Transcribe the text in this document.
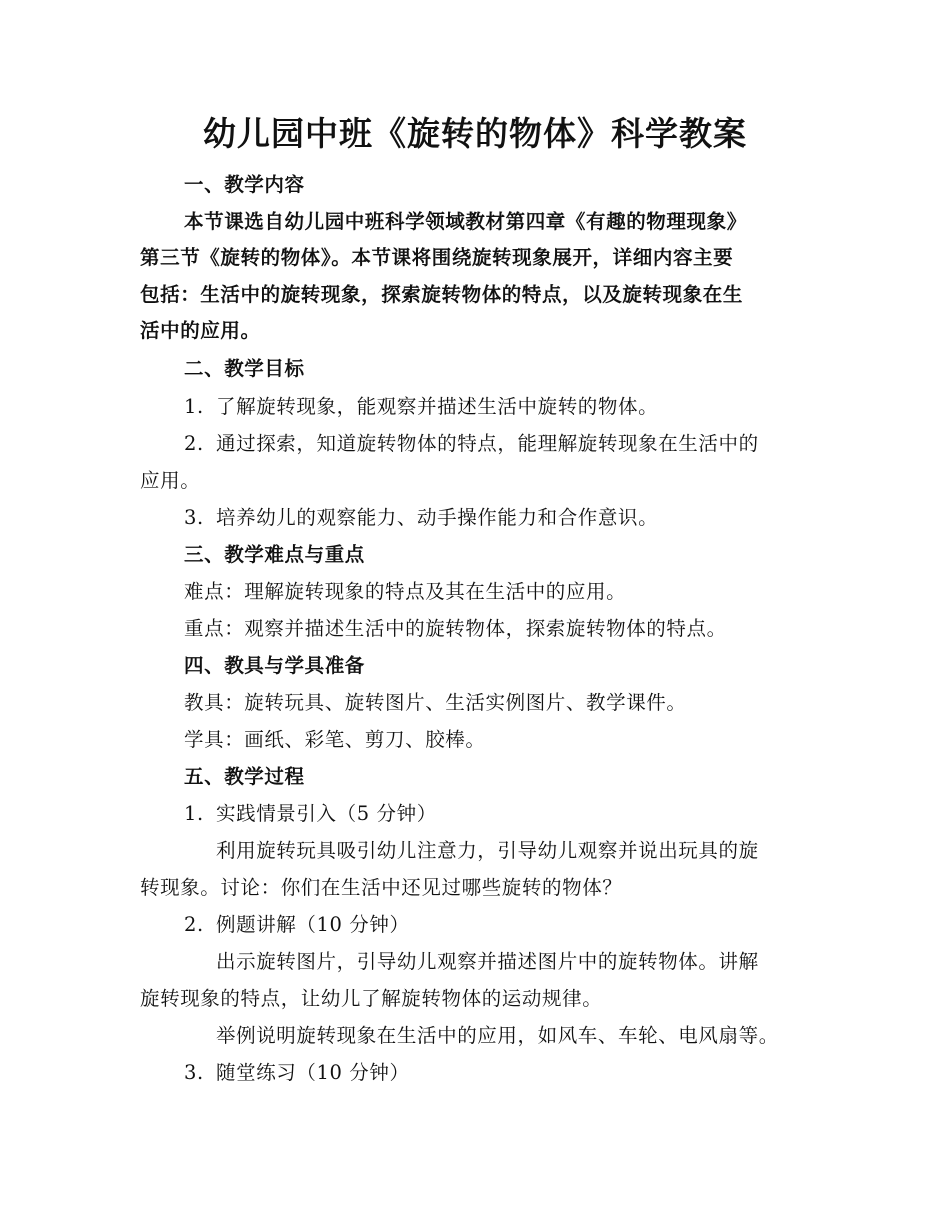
幼儿园中班《旋转的物体》科学教案
一、教学内容
本节课选自幼儿园中班科学领域教材第四章《有趣的物理现象》
第三节《旋转的物体》。本节课将围绕旋转现象展开，详细内容主要
包括：生活中的旋转现象，探索旋转物体的特点，以及旋转现象在生
活中的应用。
二、教学目标
1. 了解旋转现象，能观察并描述生活中旋转的物体。
2. 通过探索，知道旋转物体的特点，能理解旋转现象在生活中的
应用。
3. 培养幼儿的观察能力、动手操作能力和合作意识。
三、教学难点与重点
难点：理解旋转现象的特点及其在生活中的应用。
重点：观察并描述生活中的旋转物体，探索旋转物体的特点。
四、教具与学具准备
教具：旋转玩具、旋转图片、生活实例图片、教学课件。
学具：画纸、彩笔、剪刀、胶棒。
五、教学过程
1. 实践情景引入（5 分钟）
利用旋转玩具吸引幼儿注意力，引导幼儿观察并说出玩具的旋
转现象。讨论：你们在生活中还见过哪些旋转的物体？
2. 例题讲解（10 分钟）
出示旋转图片，引导幼儿观察并描述图片中的旋转物体。讲解
旋转现象的特点，让幼儿了解旋转物体的运动规律。
举例说明旋转现象在生活中的应用，如风车、车轮、电风扇等。
3. 随堂练习（10 分钟）
